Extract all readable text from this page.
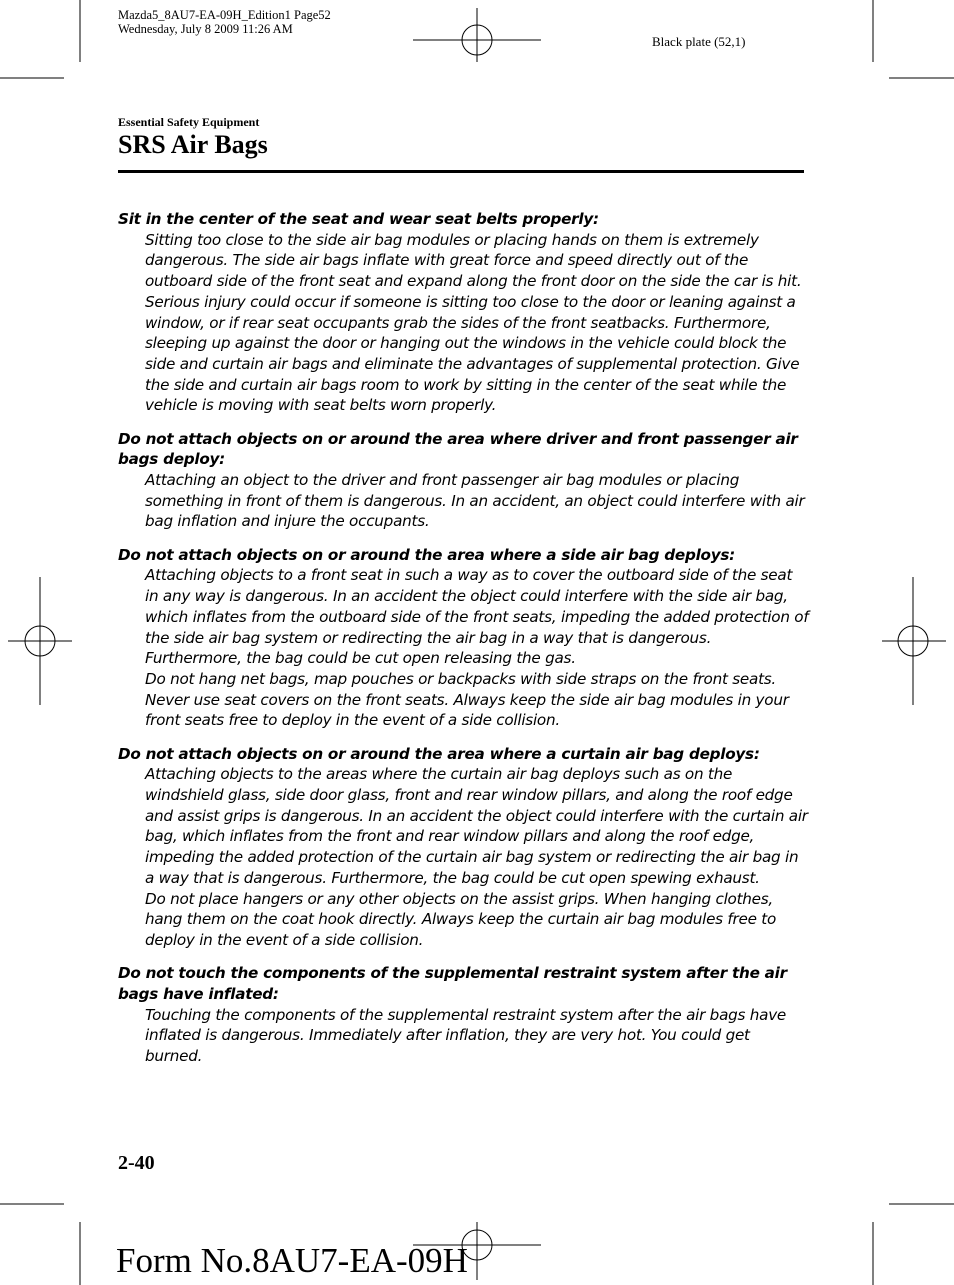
Mazda5_8AU7-EA-09H_Edition1 Page52
Wednesday, July 8 2009 11:26 AM
Black plate (52,1)
Essential Safety Equipment
SRS Air Bags

Sit in the center of the seat and wear seat belts properly:

Sitting too close to the side air bag modules or placing hands on them is extremely dangerous. The side air bags inflate with great force and speed directly out of the outboard side of the front seat and expand along the front door on the side the car is hit. Serious injury could occur if someone is sitting too close to the door or leaning against a window, or if rear seat occupants grab the sides of the front seatbacks. Furthermore, sleeping up against the door or hanging out the windows in the vehicle could block the side and curtain air bags and eliminate the advantages of supplemental protection. Give the side and curtain air bags room to work by sitting in the center of the seat while the vehicle is moving with seat belts worn properly.

Do not attach objects on or around the area where driver and front passenger air bags deploy:

Attaching an object to the driver and front passenger air bag modules or placing something in front of them is dangerous. In an accident, an object could interfere with air bag inflation and injure the occupants.

Do not attach objects on or around the area where a side air bag deploys:

Attaching objects to a front seat in such a way as to cover the outboard side of the seat in any way is dangerous. In an accident the object could interfere with the side air bag, which inflates from the outboard side of the front seats, impeding the added protection of the side air bag system or redirecting the air bag in a way that is dangerous. Furthermore, the bag could be cut open releasing the gas.

Do not hang net bags, map pouches or backpacks with side straps on the front seats. Never use seat covers on the front seats. Always keep the side air bag modules in your front seats free to deploy in the event of a side collision.

Do not attach objects on or around the area where a curtain air bag deploys:

Attaching objects to the areas where the curtain air bag deploys such as on the windshield glass, side door glass, front and rear window pillars, and along the roof edge and assist grips is dangerous. In an accident the object could interfere with the curtain air bag, which inflates from the front and rear window pillars and along the roof edge, impeding the added protection of the curtain air bag system or redirecting the air bag in a way that is dangerous. Furthermore, the bag could be cut open spewing exhaust.

Do not place hangers or any other objects on the assist grips. When hanging clothes, hang them on the coat hook directly. Always keep the curtain air bag modules free to deploy in the event of a side collision.

Do not touch the components of the supplemental restraint system after the air bags have inflated:

Touching the components of the supplemental restraint system after the air bags have inflated is dangerous. Immediately after inflation, they are very hot. You could get burned.

2-40
Form No.8AU7-EA-09H
